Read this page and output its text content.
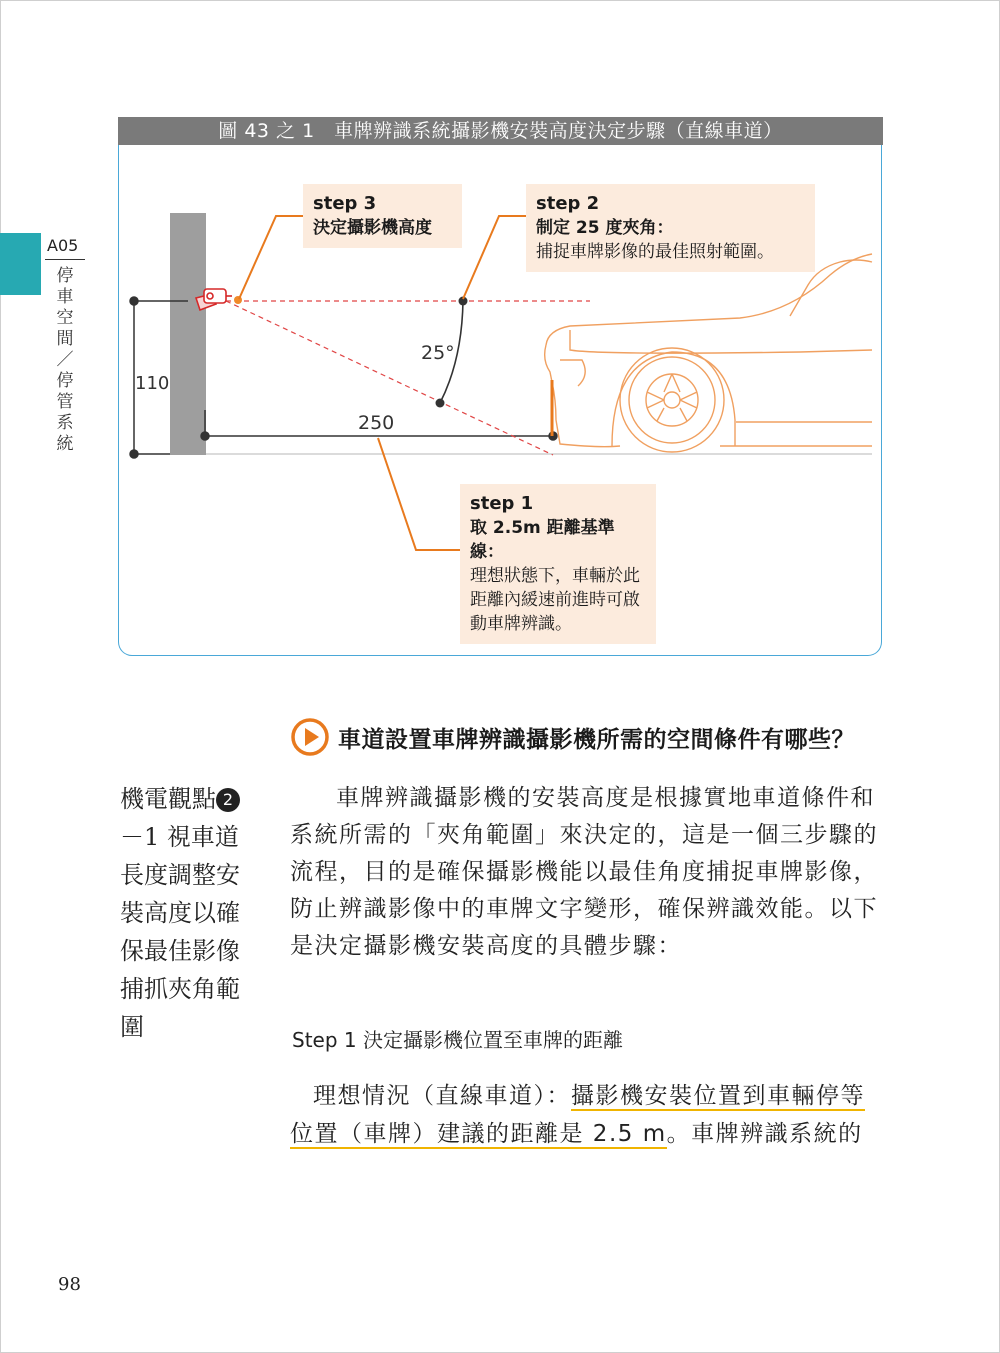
A05
停車空間／停管系統
圖 43 之 1　車牌辨識系統攝影機安裝高度決定步驟（直線車道）
110
250
25°
step 3
決定攝影機高度
step 2
制定 25 度夾角：
捕捉車牌影像的最佳照射範圍。
step 1
取 2.5m 距離基準線：
理想狀態下，車輛於此距離內緩速前進時可啟動車牌辨識。
車道設置車牌辨識攝影機所需的空間條件有哪些？
機電觀點 2－1 視車道長度調整安裝高度以確保最佳影像捕抓夾角範圍

車牌辨識攝影機的安裝高度是根據實地車道條件和系統所需的「夾角範圍」來決定的，這是一個三步驟的流程，目的是確保攝影機能以最佳角度捕捉車牌影像，防止辨識影像中的車牌文字變形，確保辨識效能。以下是決定攝影機安裝高度的具體步驟：

Step 1 決定攝影機位置至車牌的距離

理想情況（直線車道）：攝影機安裝位置到車輛停等位置（車牌）建議的距離是 2.5 m。車牌辨識系統的

98
